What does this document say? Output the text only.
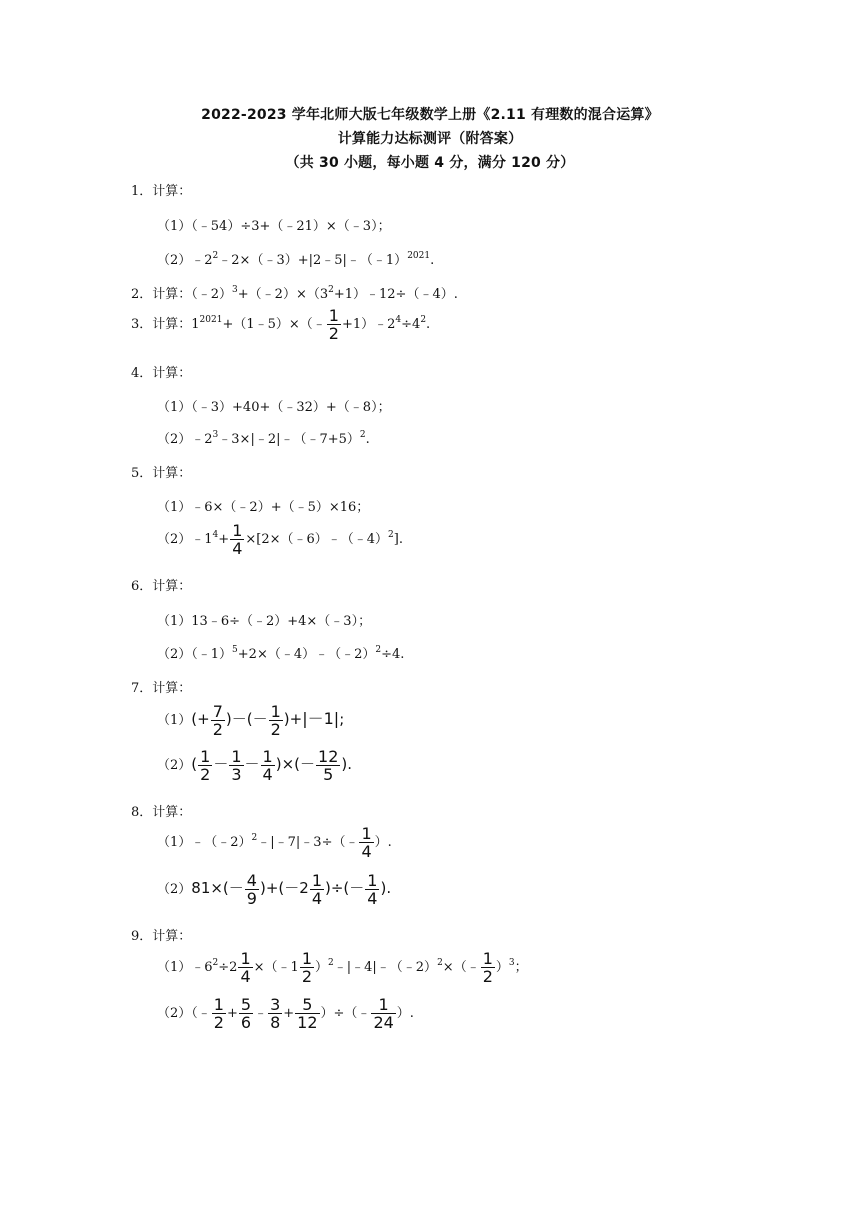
2022-2023 学年北师大版七年级数学上册《2.11 有理数的混合运算》
计算能力达标测评（附答案）
（共 30 小题，每小题 4 分，满分 120 分）
1．计算：
（1）（﹣54）÷3+（﹣21）×（﹣3）；
$(2)﹣2^2﹣2\times(﹣3)+|2﹣5|﹣(﹣1)^{2021}$.
2．计算：$(﹣2)^3+(﹣2)\times(3^2+1)﹣12\div(﹣4)$.
3．计算：$1^{2021}+(1﹣5)\times(﹣ \frac{1}{2}$ $+1)﹣2^4\div 4^2$.
4．计算：
（1）（﹣3）+40+（﹣32）+（﹣8）；
$(2)﹣2^3﹣3\times|﹣2|﹣(﹣7+5)^2$.
5．计算：
（1）﹣6×（﹣2）+（﹣5）×16；
$(2)﹣1^4+ \frac{1}{4}$ ×[2×（﹣6）﹣（﹣4）$^2$].
6．计算：
（1）13﹣6÷（﹣2）+4×（﹣3）；
（2）（﹣1）$^5$+2×（﹣4）﹣（﹣2）$^2$÷4.
7．计算：
$(1)(+ \frac{7}{2}$ )－(－ $\frac{1}{2} )+|-1|$;
$(2)( \frac{1}{2} - \frac{1}{3} - \frac{1}{4}$ )×(－ $\frac{12}{5}$ ).
8．计算：
（1）﹣（﹣2）$^2$﹣|﹣7|﹣3÷（﹣ $\frac{1}{4}$ ）.
$(2)81\times(- \frac{4}{9} )+(-2 \frac{1}{4}$ )÷(－ $\frac{1}{4}$ ).
9．计算：
$(1)﹣6^2\div 2 \frac{1}{4}$ ×（﹣1 $\frac{1}{2}$ ）$^2$﹣|﹣4|﹣（﹣2）$^2$×（﹣ $\frac{1}{2} )^3$；
（2）（﹣ $\frac{1}{2} + \frac{5}{6}$ ﹣ $\frac{3}{8} + \frac{5}{12}$ ）÷（﹣ $\frac{1}{24}$ ）.
